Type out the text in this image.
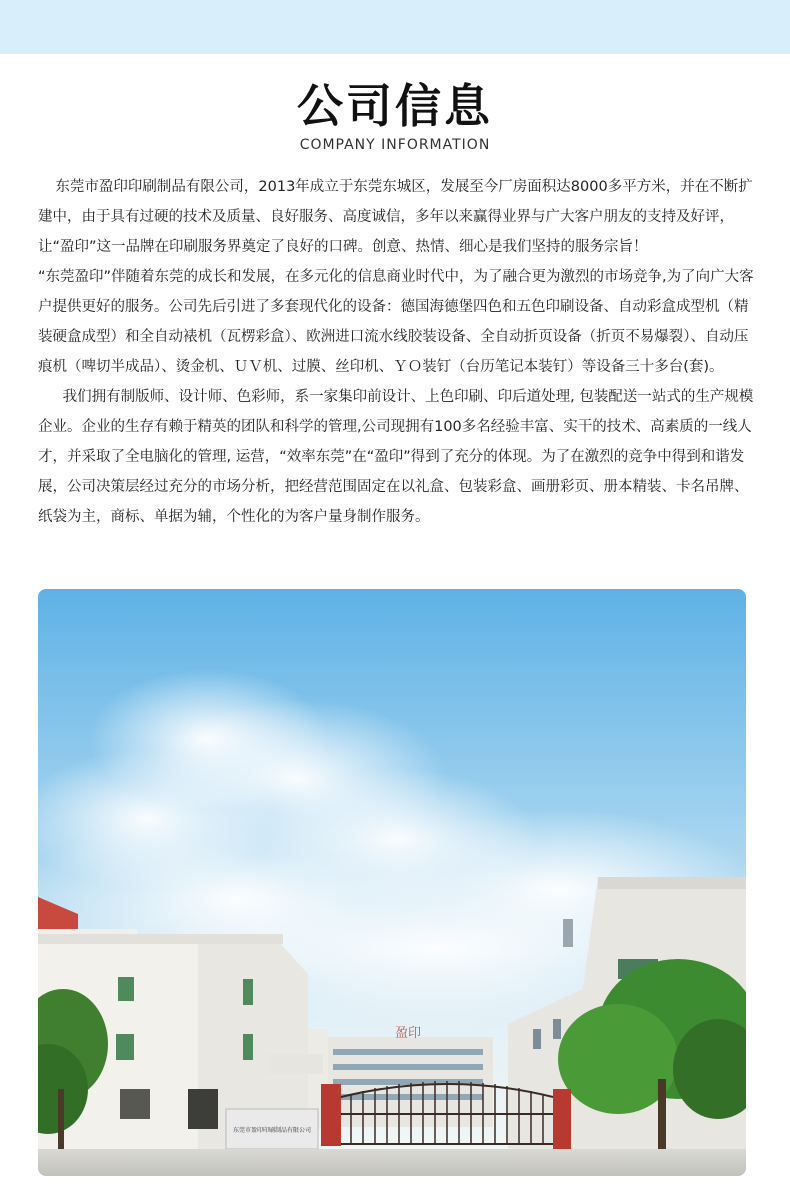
公司信息
COMPANY INFORMATION

东莞市盈印印刷制品有限公司，2013年成立于东莞东城区，发展至今厂房面积达8000多平方米，并在不断扩建中，由于具有过硬的技术及质量、良好服务、高度诚信，多年以来赢得业界与广大客户朋友的支持及好评，让“盈印”这一品牌在印刷服务界奠定了良好的口碑。创意、热情、细心是我们坚持的服务宗旨！

“东莞盈印”伴随着东莞的成长和发展，在多元化的信息商业时代中，为了融合更为激烈的市场竞争,为了向广大客户提供更好的服务。公司先后引进了多套现代化的设备：德国海德堡四色和五色印刷设备、自动彩盒成型机（精装硬盒成型）和全自动裱机（瓦楞彩盒）、欧洲进口流水线胶装设备、全自动折页设备（折页不易爆裂）、自动压痕机（啤切半成品）、烫金机、ＵＶ机、过膜、丝印机、ＹＯ装钉（台历笔记本装钉）等设备三十多台(套)。

我们拥有制版师、设计师、色彩师，系一家集印前设计、上色印刷、印后道处理, 包装配送一站式的生产规模企业。企业的生存有赖于精英的团队和科学的管理,公司现拥有100多名经验丰富、实干的技术、高素质的一线人才，并采取了全电脑化的管理, 运营，“效率东莞”在“盈印”得到了充分的体现。为了在激烈的竞争中得到和谐发展，公司决策层经过充分的市场分析，把经营范围固定在以礼盒、包装彩盒、画册彩页、册本精装、卡名吊牌、纸袋为主，商标、单据为辅，个性化的为客户量身制作服务。

盈印
东莞市盈印印刷制品有限公司
